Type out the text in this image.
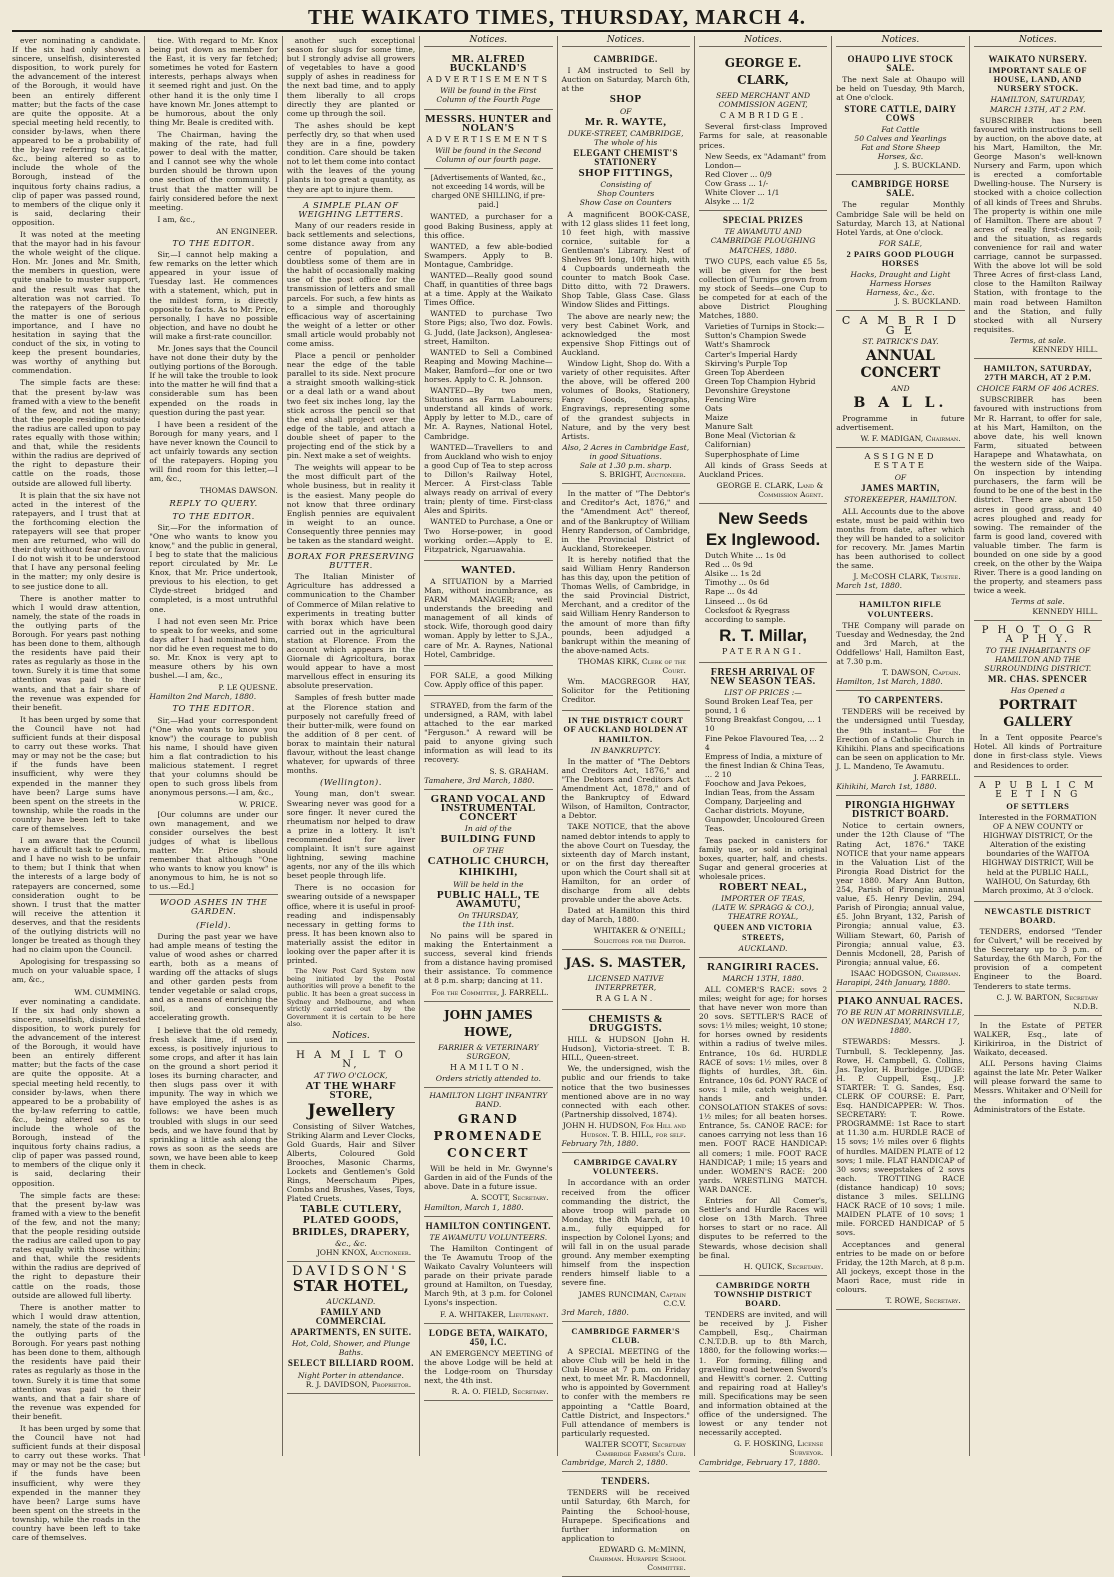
THE WAIKATO TIMES, THURSDAY, MARCH 4.

ever nominating a candidate. If the six had only shown a sincere, unselfish, disinterested disposition, to work purely for the advancement of the interest of the Borough, it would have been an entirely different matter; but the facts of the case are quite the opposite. At a special meeting held recently, to consider by-laws, when there appeared to be a probability of the by-law referring to cattle, &c., being altered so as to include the whole of the Borough, instead of the inquitous forty chains radius, a clip of paper was passed round, to members of the clique only it is said, declaring their opposition.

It was noted at the meeting that the mayor had in his favour the whole weight of the clique. Hon. Mr. Jones and Mr. Smith, the members in question, were quite unable to muster support, and the result was that the alteration was not carried. To the ratepayers of the Borough the matter is one of serious importance, and I have no hesitation in saying that the conduct of the six, in voting to keep the present boundaries, was worthy of anything but commendation.

The simple facts are these: that the present by-law was framed with a view to the benefit of the few, and not the many; that the people residing outside the radius are called upon to pay rates equally with those within; and that, while the residents within the radius are deprived of the right to depasture their cattle on the roads, those outside are allowed full liberty.

It is plain that the six have not acted in the interest of the ratepayers, and I trust that at the forthcoming election the ratepayers will see that proper men are returned, who will do their duty without fear or favour. I do not wish it to be understood that I have any personal feeling in the matter; my only desire is to see justice done to all.

There is another matter to which I would draw attention, namely, the state of the roads in the outlying parts of the Borough. For years past nothing has been done to them, although the residents have paid their rates as regularly as those in the town. Surely it is time that some attention was paid to their wants, and that a fair share of the revenue was expended for their benefit.

It has been urged by some that the Council have not had sufficient funds at their disposal to carry out these works. That may or may not be the case; but if the funds have been insufficient, why were they expended in the manner they have been? Large sums have been spent on the streets in the township, while the roads in the country have been left to take care of themselves.

I am aware that the Council have a difficult task to perform, and I have no wish to be unfair to them; but I think that when the interests of a large body of ratepayers are concerned, some consideration ought to be shown. I trust that the matter will receive the attention it deserves, and that the residents of the outlying districts will no longer be treated as though they had no claim upon the Council.

Apologising for trespassing so much on your valuable space, I am, &c.,

WM. CUMMING.

ever nominating a candidate. If the six had only shown a sincere, unselfish, disinterested disposition, to work purely for the advancement of the interest of the Borough, it would have been an entirely different matter; but the facts of the case are quite the opposite. At a special meeting held recently, to consider by-laws, when there appeared to be a probability of the by-law referring to cattle, &c., being altered so as to include the whole of the Borough, instead of the inquitous forty chains radius, a clip of paper was passed round, to members of the clique only it is said, declaring their opposition.

The simple facts are these: that the present by-law was framed with a view to the benefit of the few, and not the many; that the people residing outside the radius are called upon to pay rates equally with those within; and that, while the residents within the radius are deprived of the right to depasture their cattle on the roads, those outside are allowed full liberty.

There is another matter to which I would draw attention, namely, the state of the roads in the outlying parts of the Borough. For years past nothing has been done to them, although the residents have paid their rates as regularly as those in the town. Surely it is time that some attention was paid to their wants, and that a fair share of the revenue was expended for their benefit.

It has been urged by some that the Council have not had sufficient funds at their disposal to carry out these works. That may or may not be the case; but if the funds have been insufficient, why were they expended in the manner they have been? Large sums have been spent on the streets in the township, while the roads in the country have been left to take care of themselves.

tice. With regard to Mr. Knox being put down as member for the East, it is very far fetched; sometimes he voted for Eastern interests, perhaps always when it seemed right and just. On the other hand it is the only time I have known Mr. Jones attempt to be humorous, about the only thing Mr. Beale is credited with.

The Chairman, having the making of the rate, had full power to deal with the matter, and I cannot see why the whole burden should be thrown upon one section of the community. I trust that the matter will be fairly considered before the next meeting.

I am, &c.,

AN ENGINEER.
TO THE EDITOR.

Sir,—I cannot help making a few remarks on the letter which appeared in your issue of Tuesday last. He commences with a statement, which, put in the mildest form, is directly opposite to facts. As to Mr. Price, personally, I have no possible objection, and have no doubt he will make a first-rate councillor.

Mr. Jones says that the Council have not done their duty by the outlying portions of the Borough. If he will take the trouble to look into the matter he will find that a considerable sum has been expended on the roads in question during the past year.

I have been a resident of the Borough for many years, and I have never known the Council to act unfairly towards any section of the ratepayers. Hoping you will find room for this letter,—I am, &c.,

THOMAS DAWSON.
REPLY TO QUERY.
TO THE EDITOR.

Sir,—For the information of "One who wants to know you know," and the public in general, I beg to state that the malicious report circulated by Mr. Le Knox, that Mr. Price undertook, previous to his election, to get Clyde-street bridged and completed, is a most untruthful one.

I had not even seen Mr. Price to speak to for weeks, and some days after I had nominated him, nor did he even request me to do so. Mr. Knox is very apt to measure others by his own bushel.—I am, &c.,

P. LE QUESNE.
Hamilton 2nd March, 1880.
TO THE EDITOR.

Sir,—Had your correspondent ("One who wants to know you know") the courage to publish his name, I should have given him a flat contradiction to his malicious statement. I regret that your columns should be open to such gross libels from anonymous persons.—I am, &c.,

W. PRICE.

[Our columns are under our own management, and we consider ourselves the best judges of what is libellous matter. Mr. Price should remember that although "One who wants to know you know" is anonymous to him, he is not so to us.—Ed.]

WOOD ASHES IN THE GARDEN.
(Field).

During the past year we have had ample means of testing the value of wood ashes or charred earth, both as a means of warding off the attacks of slugs and other garden pests from tender vegetable or salad crops, and as a means of enriching the soil, and consequently accelerating growth.

I believe that the old remedy, fresh slack lime, if used in excess, is positively injurious to some crops, and after it has lain on the ground a short period it loses its burning character, and then slugs pass over it with impunity. The way in which we have employed the ashes is as follows: we have been much troubled with slugs in our seed beds, and we have found that by sprinkling a little ash along the rows as soon as the seeds are sown, we have been able to keep them in check.

another such exceptional season for slugs for some time, but I strongly advise all growers of vegetables to have a good supply of ashes in readiness for the next bad time, and to apply them liberally to all crops directly they are planted or come up through the soil.

The ashes should be kept perfectly dry, so that when used they are in a fine, powdery condition. Care should be taken not to let them come into contact with the leaves of the young plants in too great a quantity, as they are apt to injure them.

A SIMPLE PLAN OF WEIGHING LETTERS.

Many of our readers reside in back settlements and selections, some distance away from any centre of population, and doubtless some of them are in the habit of occasionally making use of the post office for the transmission of letters and small parcels. For such, a few hints as to a simple and thoroughly efficacious way of ascertaining the weight of a letter or other small article would probably not come amiss.

Place a pencil or penholder near the edge of the table parallel to its side. Next procure a straight smooth walking-stick or a deal lath or a wand about two feet six inches long, lay the stick across the pencil so that the end shall project over the edge of the table, and attach a double sheet of paper to the projecting end of the stick by a pin. Next make a set of weights.

The weights will appear to be the most difficult part of the whole business, but in reality it is the easiest. Many people do not know that three ordinary English pennies are equivalent in weight to an ounce. Consequently three pennies may be taken as the standard weight.

BORAX FOR PRESERVING BUTTER.

The Italian Minister of Agriculture has addressed a communication to the Chamber of Commerce of Milan relative to experiments in treating butter with borax which have been carried out in the agricultural station at Florence. From the account which appears in the Giornale di Agricoltura, borax would appear to have a most marvellous effect in ensuring its absolute preservation.

Samples of fresh butter made at the Florence station and purposely not carefully freed of their butter-milk, were found on the addition of 8 per cent. of borax to maintain their natural flavour, without the least change whatever, for upwards of three months.

(Wellington).

Young man, don't swear. Swearing never was good for a sore finger. It never cured the rheumatism nor helped to draw a prize in a lottery. It isn't recommended for liver complaint. It isn't sure against lightning, sewing machine agents, nor any of the ills which beset people through life.

There is no occasion for swearing outside of a newspaper office, where it is useful in proof-reading and indispensably necessary in getting forms to press. It has been known also to materially assist the editor in looking over the paper after it is printed.

The New Post Card System now being initiated by the Postal authorities will prove a benefit to the public. It has been a great success in Sydney and Melbourne, and when strictly carried out by the Government it is certain to be here also.

Notices.
H A M I L T O N,
AT TWO O'CLOCK,
AT THE WHARF STORE,
Jewellery

Consisting of Silver Watches, Striking Alarm and Lever Clocks, Gold Guards, Hair and Silver Alberts, Coloured Gold Brooches, Masonic Charms, Lockets and Gentlemen's Gold Rings, Meerschaum Pipes, Combs and Brushes, Vases, Toys, Plated Cruets.

TABLE CUTLERY,
PLATED GOODS,
BRIDLES, DRAPERY,
&c., &c.
JOHN KNOX, Auctioneer.
DAVIDSON'S
STAR HOTEL,
AUCKLAND.
FAMILY AND COMMERCIAL
APARTMENTS, EN SUITE.
Hot, Cold, Shower, and Plunge Baths.
SELECT BILLIARD ROOM.
Night Porter in attendance.
R. J. DAVIDSON, Proprietor.
Notices.
MR. ALFRED BUCKLAND'S
ADVERTISEMENTS
Will be found in the First Column of the Fourth Page
MESSRS. HUNTER and NOLAN'S
ADVERTISEMENTS
Will be found in the Second Column of our fourth page.

[Advertisements of Wanted, &c., not exceeding 14 words, will be charged ONE SHILLING, if pre-paid.]

WANTED, a purchaser for a good Baking Business, apply at this office.

WANTED, a few able-bodied Swampers. Apply to B. Montague, Cambridge.

WANTED—Really good sound Chaff, in quantities of three bags at a time. Apply at the Waikato Times Office.

WANTED to purchase Two Store Pigs; also, Two doz. Fowls. G. Judd, (late Jackson), Anglesea-street, Hamilton.

WANTED to Sell a Combined Reaping and Mowing Machine—Maker, Bamford—for one or two horses. Apply to C. R. Johnson.

WANTED—By two men, Situations as Farm Labourers; understand all kinds of work. Apply by letter to M.D., care of Mr. A. Raynes, National Hotel, Cambridge.

WANTED—Travellers to and from Auckland who wish to enjoy a good Cup of Tea to step across to Dillon's Railway Hotel, Mercer. A First-class Table always ready on arrival of every train; plenty of time. First-class Ales and Spirits.

WANTED to Purchase, a One or Two Horse-power, in good working order.—Apply to E. Fitzpatrick, Ngaruawahia.

WANTED.

A SITUATION by a Married Man, without incumbrance, as FARM MANAGER; well understands the breeding and management of all kinds of stock. Wife, thorough good dairy woman. Apply by letter to S.J.A., care of Mr. A. Raynes, National Hotel, Cambridge.

FOR SALE, a good Milking Cow. Apply office of this paper.

STRAYED, from the farm of the undersigned, a RAM, with label attached to the ear marked "Ferguson." A reward will be paid to anyone giving such information as will lead to its recovery.

S. S. GRAHAM.
Tamahere, 3rd March, 1880.
GRAND VOCAL AND INSTRUMENTAL CONCERT
In aid of the
BUILDING FUND
OF THE
CATHOLIC CHURCH,
KIHIKIHI,
Will be held in the
PUBLIC HALL, TE AWAMUTU,
On THURSDAY,
the 11th inst.

No pains will be spared in making the Entertainment a success, several kind friends from a distance having promised their assistance. To commence at 8 p.m. sharp; dancing at 11.

For the Committee, J. FARRELL.
JOHN JAMES HOWE,
FARRIER & VETERINARY SURGEON,
HAMILTON.
Orders strictly attended to.
HAMILTON LIGHT INFANTRY BAND.
GRAND PROMENADE CONCERT

Will be held in Mr. Gwynne's Garden in aid of the Funds of the above. Date in a future issue.

A. SCOTT, Secretary.
Hamilton, March 1, 1880.
HAMILTON CONTINGENT.
TE AWAMUTU VOLUNTEERS.

The Hamilton Contingent of the Te Awamutu Troop of the Waikato Cavalry Volunteers will parade on their private parade ground at Hamilton, on Tuesday, March 9th, at 3 p.m. for Colonel Lyons's inspection.

F. A. WHITAKER, Lieutenant.
LODGE BETA, WAIKATO, 450, I.C.

AN EMERGENCY MEETING of the above Lodge will be held at the Lodge-room on Thursday next, the 4th inst.

R. A. O. FIELD, Secretary.
Notices.
CAMBRIDGE.

I AM instructed to Sell by Auction on Saturday, March 6th, at the

SHOP
OF
Mr. R. WAYTE,
DUKE-STREET, CAMBRIDGE,
The whole of his
ELEGANT CHEMIST'S STATIONERY
SHOP FITTINGS,
Consisting of
Shop Counters
Show Case on Counters

A magnificent BOOK-CASE, with 12 glass slides 11 feet long, 10 feet high, with massive cornice, suitable for a Gentleman's Library. Nest of Shelves 9ft long, 10ft high, with 4 Cupboards underneath the counter to match Book Case. Ditto ditto, with 72 Drawers. Shop Table, Glass Case. Glass Window Slides and Fittings.

The above are nearly new; the very best Cabinet Work, and acknowledged the most expensive Shop Fittings out of Auckland.

Window Light, Shop do. With a variety of other requisites. After the above, will be offered 200 volumes of Books, Stationery, Fancy Goods, Oleographs, Engravings, representing some of the grandest subjects in Nature, and by the very best Artists.

Also, 2 Acres in Cambridge East, in good Situations.
Sale at 1.30 p.m. sharp.
S. BRIGHT, Auctioneer.

In the matter of "The Debtor's and Creditor's Act, 1876," and the "Amendment Act" thereof, and of the Bankruptcy of William Henry Randerson, of Cambridge, in the Provincial District of Auckland, Storekeeper.

It is hereby notified that the said William Henry Randerson has this day, upon the petition of Thomas Wells, of Cambridge, in the said Provincial District, Merchant, and a creditor of the said William Henry Randerson to the amount of more than fifty pounds, been adjudged a bankrupt within the meaning of the above-named Acts.

THOMAS KIRK, Clerk of the Court.

Wm. MACGREGOR HAY, Solicitor for the Petitioning Creditor.

IN THE DISTRICT COURT OF AUCKLAND HOLDEN AT HAMILTON.
IN BANKRUPTCY.

In the matter of "The Debtors and Creditors Act, 1876," and "The Debtors and Creditors Act Amendment Act, 1878," and of the Bankruptcy of Edward Wilson, of Hamilton, Contractor, a Debtor.

TAKE NOTICE, that the above named debtor intends to apply to the above Court on Tuesday, the sixteenth day of March instant, or on the first day thereafter upon which the Court shall sit at Hamilton, for an order of discharge from all debts provable under the above Acts.

Dated at Hamilton this third day of March, 1880.

WHITAKER & O'NEILL; Solicitors for the Debtor.
JAS. S. MASTER,
LICENSED NATIVE INTERPRETER,
RAGLAN.
CHEMISTS & DRUGGISTS.

HILL & HUDSON [John H. Hudson], Victoria-street. T. B. HILL, Queen-street.

We, the undersigned, wish the public and our friends to take notice that the two businesses mentioned above are in no way connected with each other. (Partnership dissolved, 1874).

JOHN H. HUDSON, For Hill and Hudson. T. B. HILL, for self.
February 7th, 1880.
CAMBRIDGE CAVALRY VOLUNTEERS.

In accordance with an order received from the officer commanding the district, the above troop will parade on Monday, the 8th March, at 10 a.m., fully equipped for inspection by Colonel Lyons; and will fall in on the usual parade ground. Any member exempting himself from the inspection renders himself liable to a severe fine.

JAMES RUNCIMAN, Captain C.C.V.
3rd March, 1880.
CAMBRIDGE FARMER'S CLUB.

A SPECIAL MEETING of the above Club will be held in the Club House at 7 p.m. on Friday next, to meet Mr. R. Macdonnell, who is appointed by Government to confer with the members re appointing a "Cattle Board, Cattle District, and Inspectors." Full attendance of members is particularly requested.

WALTER SCOTT, Secretary Cambridge Farmer's Club.
Cambridge, March 2, 1880.
TENDERS.

TENDERS will be received until Saturday, 6th March, for Painting the School-house, Hurapepe. Specifications and further information on application to

EDWARD G. McMINN, Chairman. Hurapepe School Committee.
Notices.
GEORGE E. CLARK,
SEED MERCHANT AND COMMISSION AGENT,
CAMBRIDGE.

Several first-class Improved Farms for sale, at reasonable prices.

New Seeds, ex "Adamant" from London—
Red Clover ... 0/9
Cow Grass ... 1/-
White Clover ... 1/1
Alsyke ... 1/2
SPECIAL PRIZES
TE AWAMUTU AND CAMBRIDGE PLOUGHING MATCHES, 1880.

TWO CUPS, each value £5 5s, will be given for the best collection of Turnips grown from my stock of Seeds—one Cup to be competed for at each of the above District Ploughing Matches, 1880.

Varieties of Turnips in Stock:—
Sutton's Champion Swede
Watt's Shamrock
Carter's Imperial Hardy
Skirving's Purple Top
Green Top Aberdeen
Green Top Champion Hybrid
Devonshire Greystone
Fencing Wire
Oats
Maize
Manure Salt
Bone Meal (Victorian & Californian)
Superphosphate of Lime

All kinds of Grass Seeds at Auckland Prices.

GEORGE E. CLARK, Land & Commission Agent.
New Seeds
Ex Inglewood.
Dutch White ... 1s 0d
Red ... 0s 9d
Alsike ... 1s 2d
Timothy ... 0s 6d
Rape ... 0s 4d
Linseed ... 0s 6d
Cocksfoot & Ryegrass according to sample.
R. T. Millar,
PATERANGI.
FRESH ARRIVAL OF NEW SEASON TEAS.
LIST OF PRICES :—
Sound Broken Leaf Tea, per pound, 1 6
Strong Breakfast Congou, ... 1 10
Fine Pekoe Flavoured Tea, ... 2 4
Empress of India, a mixture of the finest Indian & China Teas, ... 2 10
Foochow and Java Pekoes, Indian Teas, from the Assam Company, Darjeeling and Cachar districts. Moyune, Gunpowder, Uncoloured Green Teas.

Teas packed in canisters for family use, or sold in original boxes, quarter, half, and chests. Sugar and general groceries at wholesale prices.

ROBERT NEAL,
IMPORTER OF TEAS,
(LATE W. SPRAGG & CO.),
THEATRE ROYAL,
QUEEN AND VICTORIA STREETS,
AUCKLAND.
RANGIRIRI RACES.
MARCH 13TH, 1880.

ALL COMER'S RACE: sovs 2 miles; weight for age; for horses that have never won more than 20 sovs. SETTLER'S RACE of sovs: 1½ miles; weight, 10 stone; for horses owned by residents within a radius of twelve miles. Entrance, 10s 6d. HURDLE RACE of sovs: 1½ miles, over 8 flights of hurdles, 3ft. 6in. Entrance, 10s 6d. PONY RACE of sovs: 1 mile, catch weights, 14 hands and under. CONSOLATION STAKES of sovs: 1½ miles; for all beaten horses. Entrance, 5s. CANOE RACE: for canoes carrying not less than 16 men. FOOT RACE HANDICAP: all comers; 1 mile. FOOT RACE HANDICAP; 1 mile; 15 years and under. WOMEN'S RACE: 200 yards. WRESTLING MATCH. WAR DANCE.

Entries for All Comer's, Settler's and Hurdle Races will close on 13th March. Three horses to start or no race. All disputes to be referred to the Stewards, whose decision shall be final.

H. QUICK, Secretary.
CAMBRIDGE NORTH TOWNSHIP DISTRICT BOARD.

TENDERS are invited, and will be received by J. Fisher Campbell, Esq., Chairman C.N.T.D.B. up to 8th March, 1880, for the following works:— 1. For forming, filling and gravelling road between Sword's and Hewitt's corner. 2. Cutting and repairing road at Halley's mill. Specifications may be seen and information obtained at the office of the undersigned. The lowest or any tender not necessarily accepted.

G. F. HOSKING, License Surveyor.
Cambridge, February 17, 1880.
Notices.
OHAUPO LIVE STOCK SALE.

The next Sale at Ohaupo will be held on Tuesday, 9th March, at One o'clock.

STORE CATTLE, DAIRY COWS
Fat Cattle
50 Calves and Yearlings
Fat and Store Sheep
Horses, &c.
J. S. BUCKLAND.
CAMBRIDGE HORSE SALE.

The regular Monthly Cambridge Sale will be held on Saturday, March 13, at National Hotel Yards, at One o'clock.

FOR SALE,
2 PAIRS GOOD PLOUGH HORSES
Hacks, Draught and Light Harness Horses
Harness, &c., &c.
J. S. BUCKLAND.
C A M B R I D G E
ST. PATRICK'S DAY.
ANNUAL CONCERT
AND
B A L L.

Programme in future advertisement.

W. F. MADIGAN, Chairman.
ASSIGNED ESTATE
OF
JAMES MARTIN,
STOREKEEPER, HAMILTON.

ALL Accounts due to the above estate, must be paid within two months from date, after which they will be handed to a solicitor for recovery. Mr. James Martin has been authorised to collect the same.

J. McCOSH CLARK, Trustee.
March 1st, 1880.
HAMILTON RIFLE VOLUNTEERS.

THE Company will parade on Tuesday and Wednesday, the 2nd and 3rd March, at the Oddfellows' Hall, Hamilton East, at 7.30 p.m.

T. DAWSON, Captain.
Hamilton, 1st March, 1880.
TO CARPENTERS.

TENDERS will be received by the undersigned until Tuesday, the 9th instant— For the Erection of a Catholic Church in Kihikihi. Plans and specifications can be seen on application to Mr. J. L. Mandeno, Te Awamutu.

J. FARRELL.
Kihikihi, March 1st, 1880.
PIRONGIA HIGHWAY DISTRICT BOARD.

Notice to certain owners, under the 12th Clause of "The Rating Act, 1876." TAKE NOTICE that your name appears in the Valuation List of the Pirongia Road District for the year 1880. Mary Ann Button, 254, Parish of Pirongia; annual value, £5. Henry Devlin, 294, Parish of Pirongia; annual value, £5. John Bryant, 132, Parish of Pirongia; annual value, £3. William Stewart, 60, Parish of Pirongia; annual value, £3. Dennis Mcdonell, 28, Parish of Pirongia; annual value, £6.

ISAAC HODGSON, Chairman.
Harapipi, 24th January, 1880.
PIAKO ANNUAL RACES.
TO BE RUN AT MORRINSVILLE, ON WEDNESDAY, MARCH 17, 1880.

STEWARDS: Messrs. J. Turnbull, S. Tecklepenny, Jas. Rowe, H. Campbell, G. Collins, Jas. Taylor, H. Burbidge. JUDGE: H. P. Cuppell, Esq., J.P. STARTER: T. G. Sandes, Esq. CLERK OF COURSE: E. Parr, Esq. HANDICAPPER: W. Thos. SECRETARY: T. Rowe. PROGRAMME: 1st Race to start at 11.30 a.m. HURDLE RACE of 15 sovs; 1½ miles over 6 flights of hurdles. MAIDEN PLATE of 12 sovs; 1 mile. FLAT HANDICAP of 30 sovs; sweepstakes of 2 sovs each. TROTTING RACE (distance handicap) 10 sovs; distance 3 miles. SELLING HACK RACE of 10 sovs; 1 mile. MAIDEN PLATE of 10 sovs; 1 mile. FORCED HANDICAP of 5 sovs.

Acceptances and general entries to be made on or before Friday, the 12th March, at 8 p.m. All jockeys, except those in the Maori Race, must ride in colours.

T. ROWE, Secretary.
Notices.
WAIKATO NURSERY.
IMPORTANT SALE OF HOUSE, LAND, AND NURSERY STOCK.
HAMILTON, SATURDAY, MARCH 13TH, AT 2 P.M.

SUBSCRIBER has been favoured with instructions to sell by auction, on the above date, at his Mart, Hamilton, the Mr. George Mason's well-known Nursery and Farm, upon which is erected a comfortable Dwelling-house. The Nursery is stocked with a choice collection of all kinds of Trees and Shrubs. The property is within one mile of Hamilton. There are about 7 acres of really first-class soil; and the situation, as regards convenience for rail and water carriage, cannot be surpassed. With the above lot will be sold Three Acres of first-class Land, close to the Hamilton Railway Station, with frontage to the main road between Hamilton and the Station, and fully stocked with all Nursery requisites.

Terms, at sale.
KENNEDY HILL.
HAMILTON, SATURDAY, 27TH MARCH, AT 2 P.M.
CHOICE FARM OF 406 ACRES.

SUBSCRIBER has been favoured with instructions from Mr R. Harrant, to offer for sale, at his Mart, Hamilton, on the above date, his well known Farm, situated between Harapepe and Whatawhata, on the western side of the Waipa. On inspection by intending purchasers, the farm will be found to be one of the best in the district. There are about 150 acres in good grass, and 40 acres ploughed and ready for sowing. The remainder of the farm is good land, covered with valuable timber. The farm is bounded on one side by a good creek, on the other by the Waipa River. There is a good landing on the property, and steamers pass twice a week.

Terms at sale.
KENNEDY HILL.
P H O T O G R A P H Y.
TO THE INHABITANTS OF HAMILTON AND THE SURROUNDING DISTRICT.
MR. CHAS. SPENCER
Has Opened a
PORTRAIT GALLERY

In a Tent opposite Pearce's Hotel. All kinds of Portraiture done in first-class style. Views and Residences to order.

A P U B L I C M E E T I N G
OF SETTLERS

Interested in the FORMATION OF A NEW COUNTY or HIGHWAY DISTRICT, Or the Alteration of the existing boundaries of the WAITOA HIGHWAY DISTRICT, Will be held at the PUBLIC HALL, WAIHOU, On Saturday, 6th March proximo, At 3 o'clock.

NEWCASTLE DISTRICT BOARD.

TENDERS, endorsed "Tender for Culvert," will be received by the Secretary up to 3 p.m. of Saturday, the 6th March, For the provision of a competent Engineer to the Board. Tenderers to state terms.

C. J. W. BARTON, Secretary N.D.B.

In the Estate of PETER WALKER, Esq., late of Kirikiriroa, in the District of Waikato, deceased.

ALL Persons having Claims against the late Mr. Peter Walker will please forward the same to Messrs. Whitaker and O'Neill for the information of the Administrators of the Estate.
